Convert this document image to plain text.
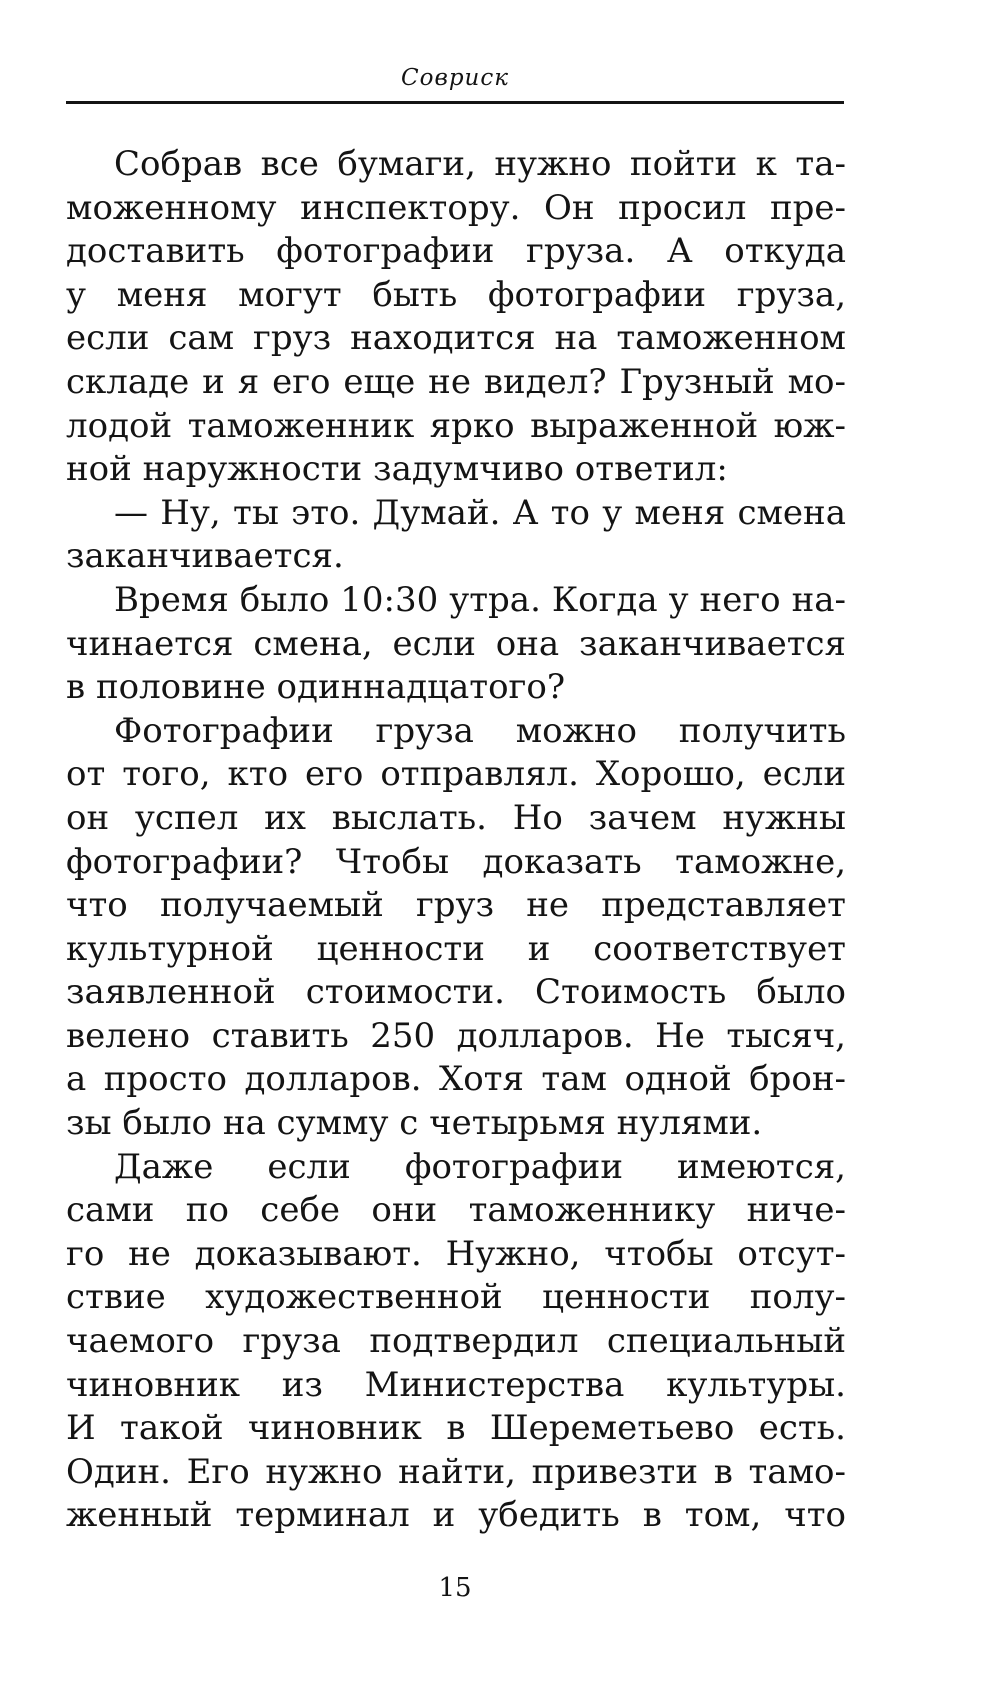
Совриск
Собрав все бумаги, нужно пойти к та-
моженному инспектору. Он просил пре-
доставить фотографии груза. А откуда
у меня могут быть фотографии груза,
если сам груз находится на таможенном
складе и я его еще не видел? Грузный мо-
лодой таможенник ярко выраженной юж-
ной наружности задумчиво ответил:
— Ну, ты это. Думай. А то у меня смена
заканчивается.
Время было 10:30 утра. Когда у него на-
чинается смена, если она заканчивается
в половине одиннадцатого?
Фотографии груза можно получить
от того, кто его отправлял. Хорошо, если
он успел их выслать. Но зачем нужны
фотографии? Чтобы доказать таможне,
что получаемый груз не представляет
культурной ценности и соответствует
заявленной стоимости. Стоимость было
велено ставить 250 долларов. Не тысяч,
а просто долларов. Хотя там одной брон-
зы было на сумму с четырьмя нулями.
Даже если фотографии имеются,
сами по себе они таможеннику ниче-
го не доказывают. Нужно, чтобы отсут-
ствие художественной ценности полу-
чаемого груза подтвердил специальный
чиновник из Министерства культуры.
И такой чиновник в Шереметьево есть.
Один. Его нужно найти, привезти в тамо-
женный терминал и убедить в том, что
15
